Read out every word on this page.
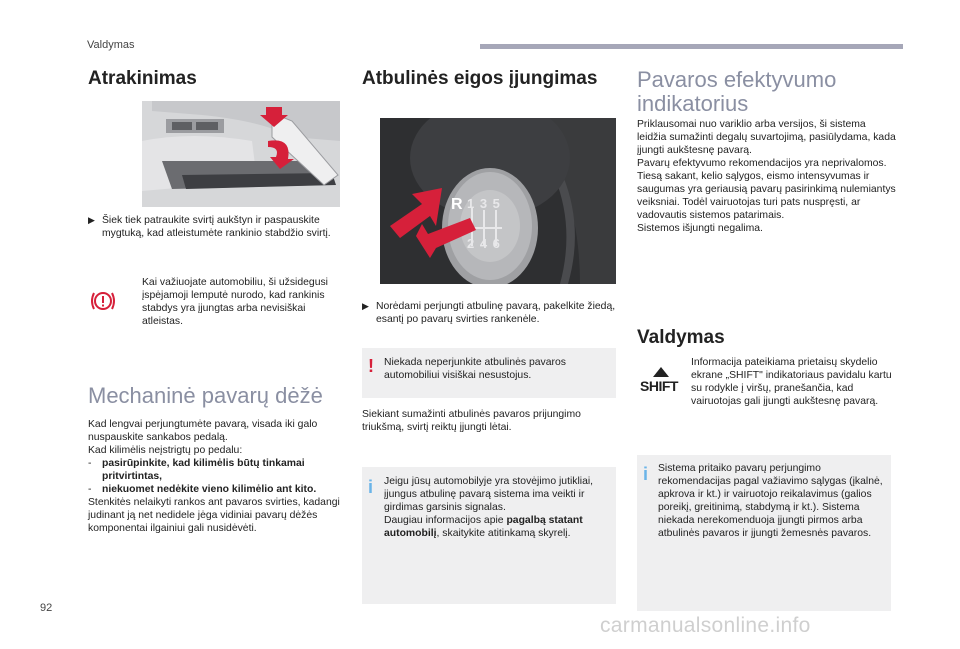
Valdymas
Atrakinimas
▶ Šiek tiek patraukite svirtį aukštyn ir paspauskite mygtuką, kad atleistumėte rankinio stabdžio svirtį.
Kai važiuojate automobiliu, ši užsidegusi įspėjamoji lemputė nurodo, kad rankinis stabdys yra įjungtas arba nevisiškai atleistas.
Mechaninė pavarų dėžė

Kad lengvai perjungtumėte pavarą, visada iki galo nuspauskite sankabos pedalą.

Kad kilimėlis neįstrigtų po pedalu:

-	pasirūpinkite, kad kilimėlis būtų tinkamai pritvirtintas,
-	niekuomet nedėkite vieno kilimėlio ant kito.

Stenkitės nelaikyti rankos ant pavaros svirties, kadangi judinant ją net nedidele jėga vidiniai pavarų dėžės komponentai ilgainiui gali nusidėvėti.

Atbulinės eigos įjungimas
R 1 3 5
2 4 6
▶ Norėdami perjungti atbulinę pavarą, pakelkite žiedą, esantį po pavarų svirties rankenėle.
! Niekada neperjunkite atbulinės pavaros automobiliui visiškai nesustojus.
Siekiant sumažinti atbulinės pavaros prijungimo triukšmą, svirtį reiktų įjungti lėtai.
i Jeigu jūsų automobilyje yra stovėjimo jutikliai, įjungus atbulinę pavarą sistema ima veikti ir girdimas garsinis signalas.

Daugiau informacijos apie pagalbą statant automobilį, skaitykite atitinkamą skyrelį.

Pavaros efektyvumo indikatorius

Priklausomai nuo variklio arba versijos, ši sistema leidžia sumažinti degalų suvartojimą, pasiūlydama, kada įjungti aukštesnę pavarą.

Pavarų efektyvumo rekomendacijos yra neprivalomos. Tiesą sakant, kelio sąlygos, eismo intensyvumas ir saugumas yra geriausią pavarų pasirinkimą nulemiantys veiksniai. Todėl vairuotojas turi pats nuspręsti, ar vadovautis sistemos patarimais.

Sistemos išjungti negalima.

Valdymas
SHIFT
Informacija pateikiama prietaisų skydelio ekrane „SHIFT" indikatoriaus pavidalu kartu su rodykle į viršų, pranešančia, kad vairuotojas gali įjungti aukštesnę pavarą.
i Sistema pritaiko pavarų perjungimo rekomendacijas pagal važiavimo sąlygas (įkalnė, apkrova ir kt.) ir vairuotojo reikalavimus (galios poreikį, greitinimą, stabdymą ir kt.). Sistema niekada nerekomenduoja įjungti pirmos arba atbulinės pavaros ir įjungti žemesnės pavaros.
92
carmanualsonline.info
